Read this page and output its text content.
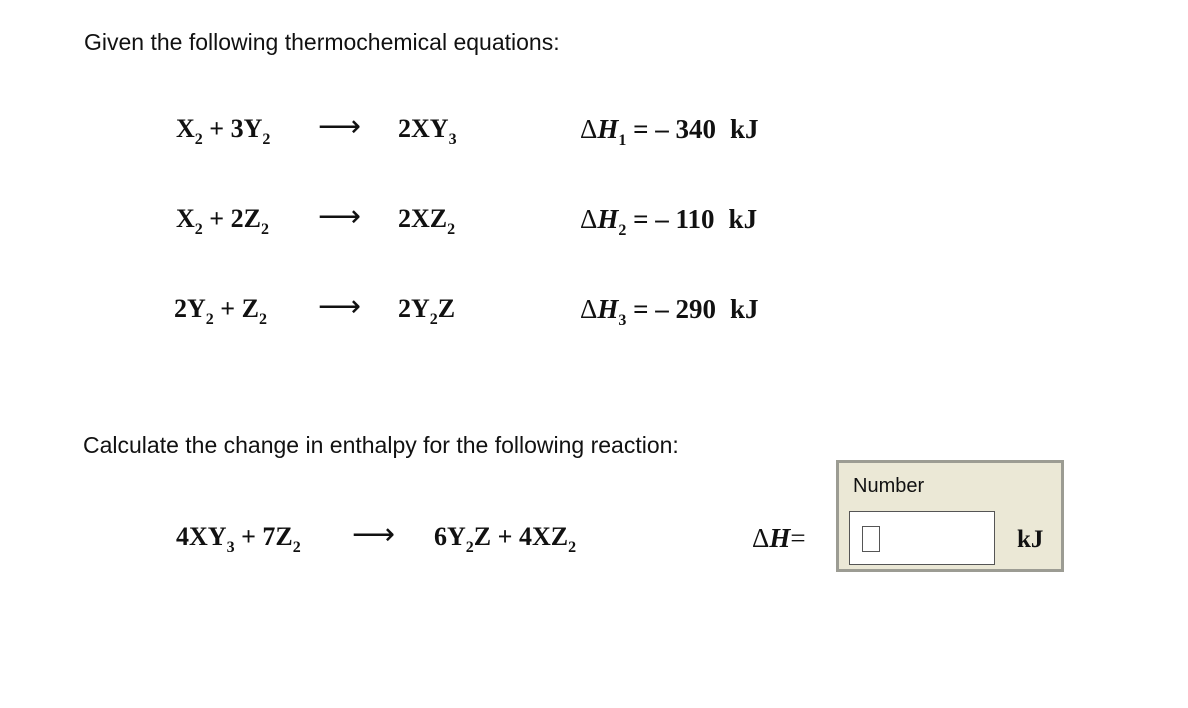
Given the following thermochemical equations:
$X_2 + 3Y_2$ ⟶ $2XY_3$	$\Delta H_1$ = – 340 kJ
$X_2 + 2Z_2$ ⟶ $2XZ_2$	$\Delta H_2$ = – 110 kJ
$2Y_2 + Z_2$ ⟶ $2Y_2Z$	$\Delta H_3$ = – 290 kJ
Calculate the change in enthalpy for the following reaction:
$4XY_3 + 7Z_2$ ⟶ $6Y_2Z + 4XZ_2$	ΔH=
Number
kJ
